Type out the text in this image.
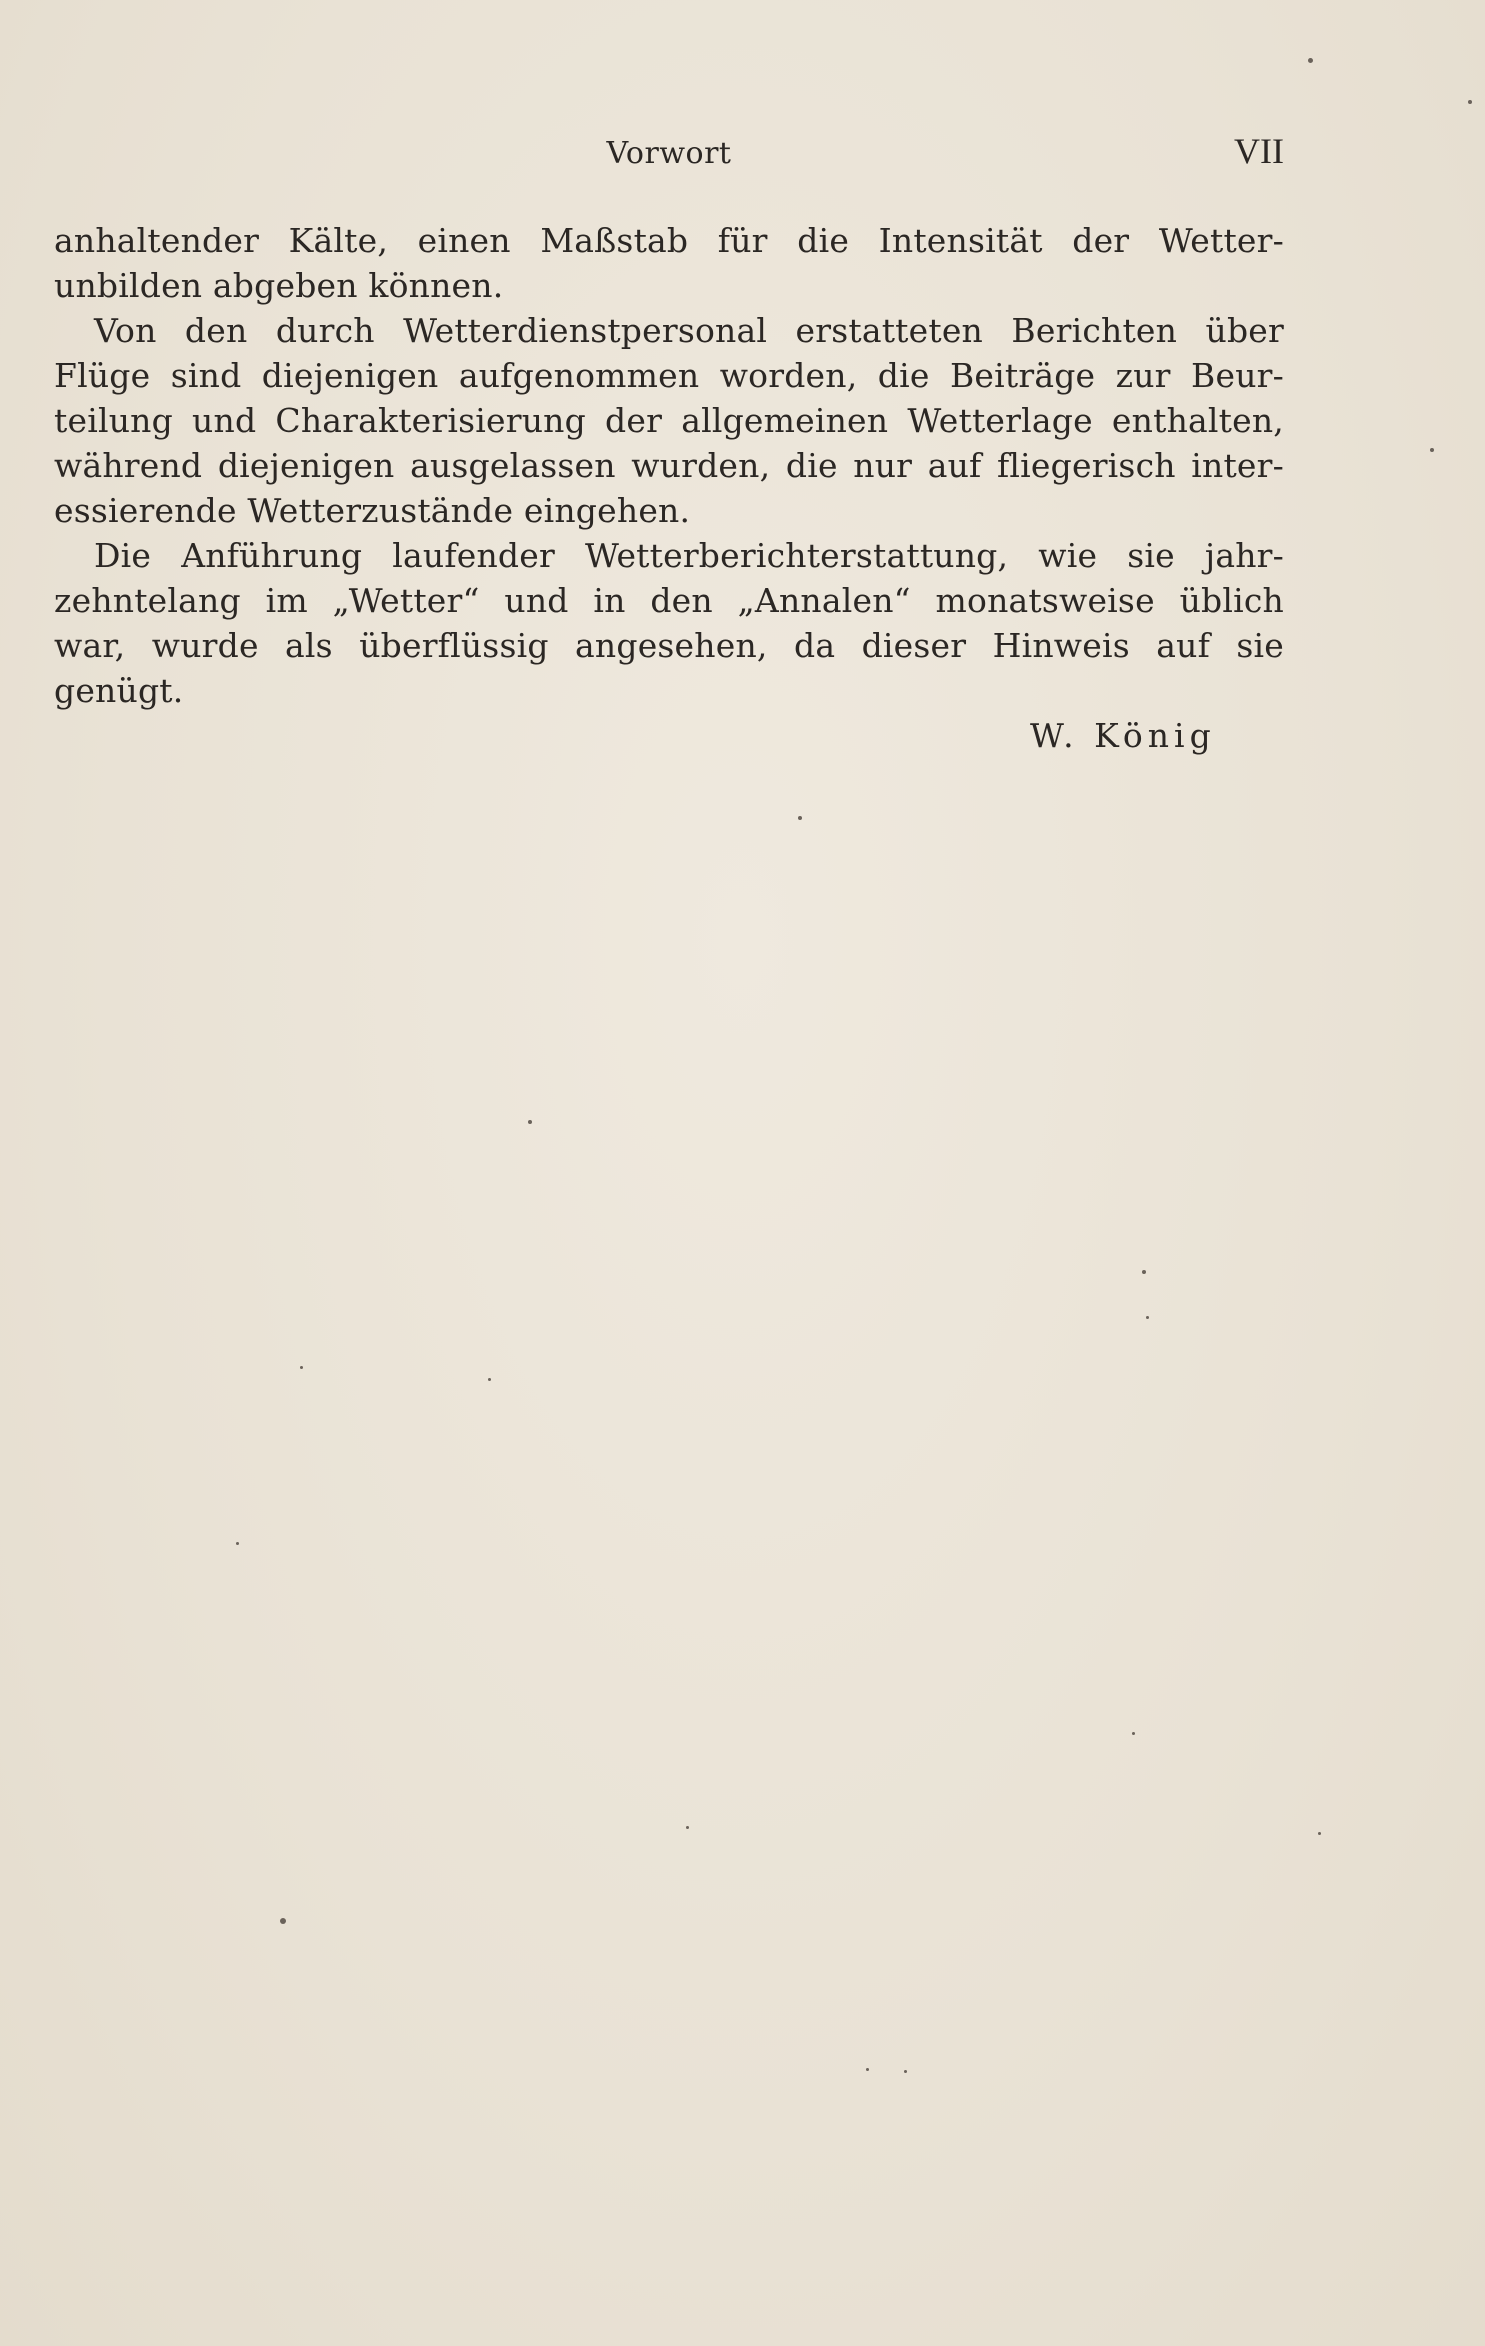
Vorwort	VII
anhaltender Kälte, einen Maßstab für die Intensität der Wetter-
unbilden abgeben können.
Von den durch Wetterdienstpersonal erstatteten Berichten über
Flüge sind diejenigen aufgenommen worden, die Beiträge zur Beur-
teilung und Charakterisierung der allgemeinen Wetterlage enthalten,
während diejenigen ausgelassen wurden, die nur auf fliegerisch inter-
essierende Wetterzustände eingehen.
Die Anführung laufender Wetterberichterstattung, wie sie jahr-
zehntelang im „Wetter“ und in den „Annalen“ monatsweise üblich
war, wurde als überflüssig angesehen, da dieser Hinweis auf sie
genügt.
W. König
